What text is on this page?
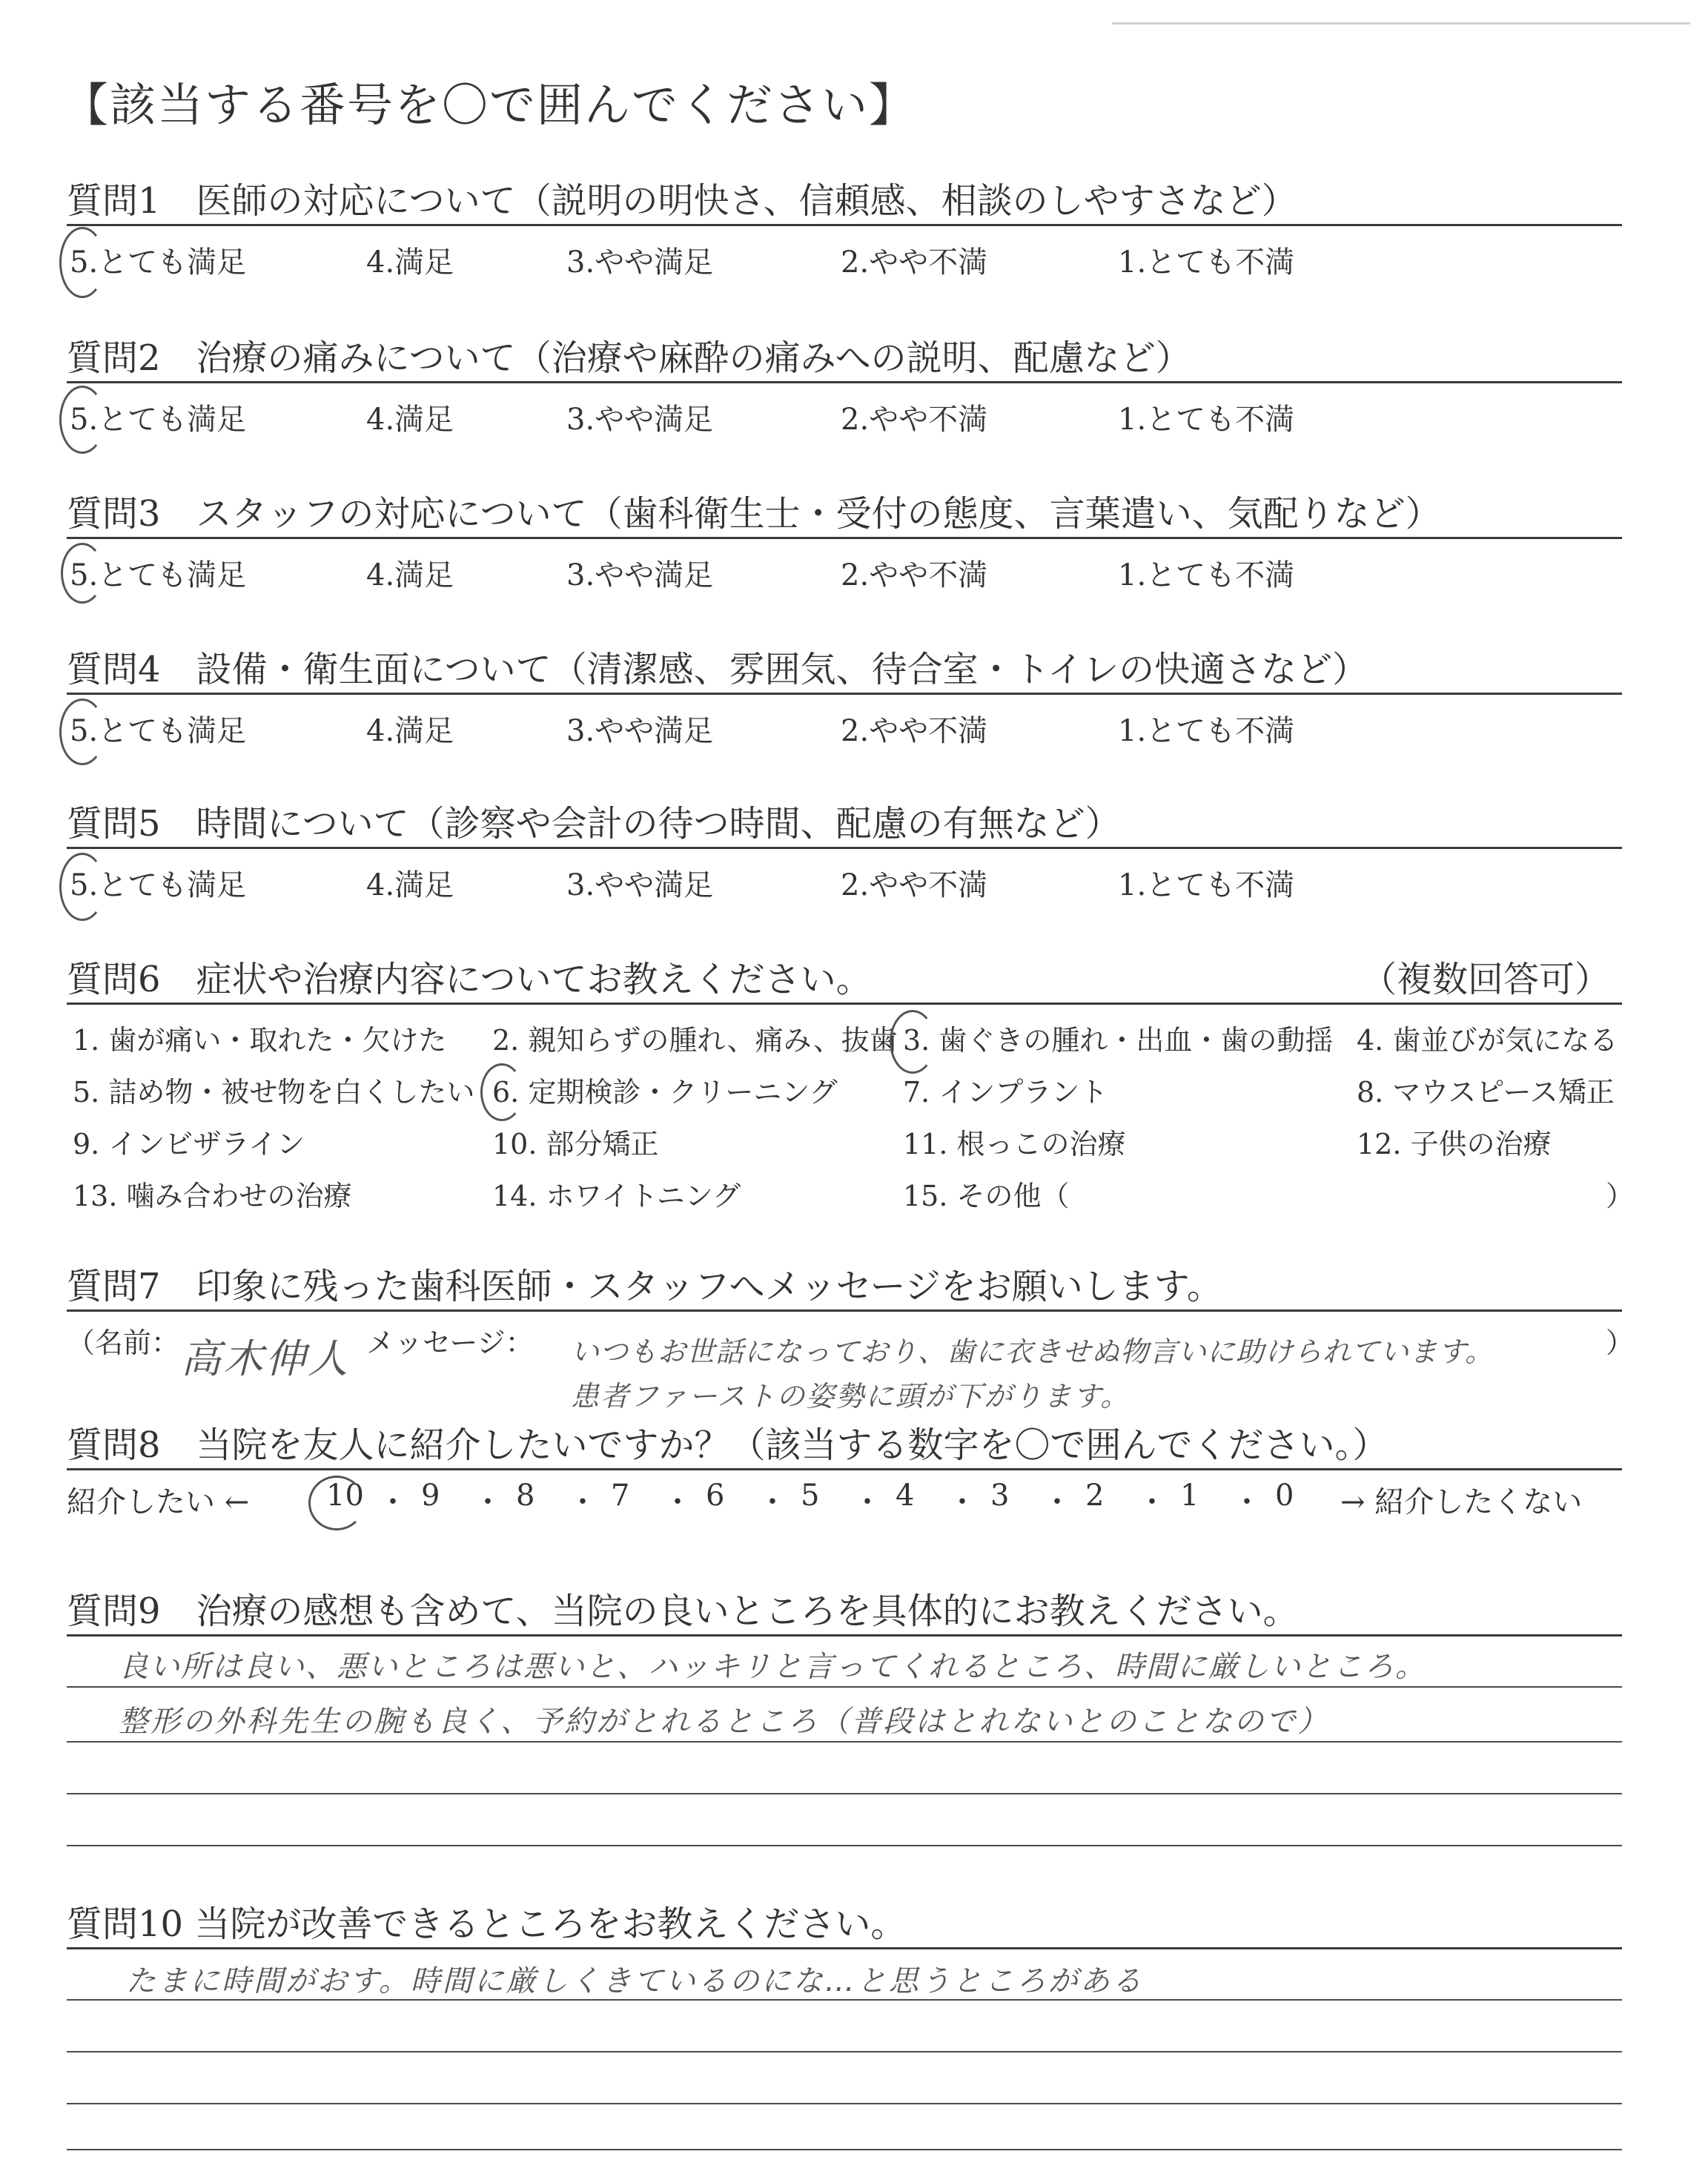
【該当する番号を〇で囲んでください】
質問1　医師の対応について（説明の明快さ、信頼感、相談のしやすさなど）
5.とても満足	4.満足	3.やや満足	2.やや不満	1.とても不満
質問2　治療の痛みについて（治療や麻酔の痛みへの説明、配慮など）
5.とても満足	4.満足	3.やや満足	2.やや不満	1.とても不満
質問3　スタッフの対応について（歯科衛生士・受付の態度、言葉遣い、気配りなど）
5.とても満足	4.満足	3.やや満足	2.やや不満	1.とても不満
質問4　設備・衛生面について（清潔感、雰囲気、待合室・トイレの快適さなど）
5.とても満足	4.満足	3.やや満足	2.やや不満	1.とても不満
質問5　時間について（診察や会計の待つ時間、配慮の有無など）
5.とても満足	4.満足	3.やや満足	2.やや不満	1.とても不満
質問6　症状や治療内容についてお教えください。	（複数回答可）
1. 歯が痛い・取れた・欠けた 2. 親知らずの腫れ、痛み、抜歯 3. 歯ぐきの腫れ・出血・歯の動揺 4. 歯並びが気になる
5. 詰め物・被せ物を白くしたい 6. 定期検診・クリーニング 7. インプラント	8. マウスピース矯正
9. インビザライン	10. 部分矯正	11. 根っこの治療	12. 子供の治療
13. 噛み合わせの治療	14. ホワイトニング	15. その他（	）
質問7　印象に残った歯科医師・スタッフへメッセージをお願いします。
（名前： 高木伸人 メッセージ： いつもお世話になっており、歯に衣きせぬ物言いに助けられています。
患者ファーストの姿勢に頭が下がります。
）
質問8　当院を友人に紹介したいですか？（該当する数字を〇で囲んでください。）
紹介したい ←	10 ・ 9 ・ 8 ・ 7 ・ 6 ・ 5 ・ 4 ・ 3 ・ 2 ・ 1 ・ 0 → 紹介したくない
質問9　治療の感想も含めて、当院の良いところを具体的にお教えください。
良い所は良い、悪いところは悪いと、ハッキリと言ってくれるところ、時間に厳しいところ。
整形の外科先生の腕も良く、予約がとれるところ（普段はとれないとのことなので）
質問10 当院が改善できるところをお教えください。
たまに時間がおす。時間に厳しくきているのにな…と思うところがある
